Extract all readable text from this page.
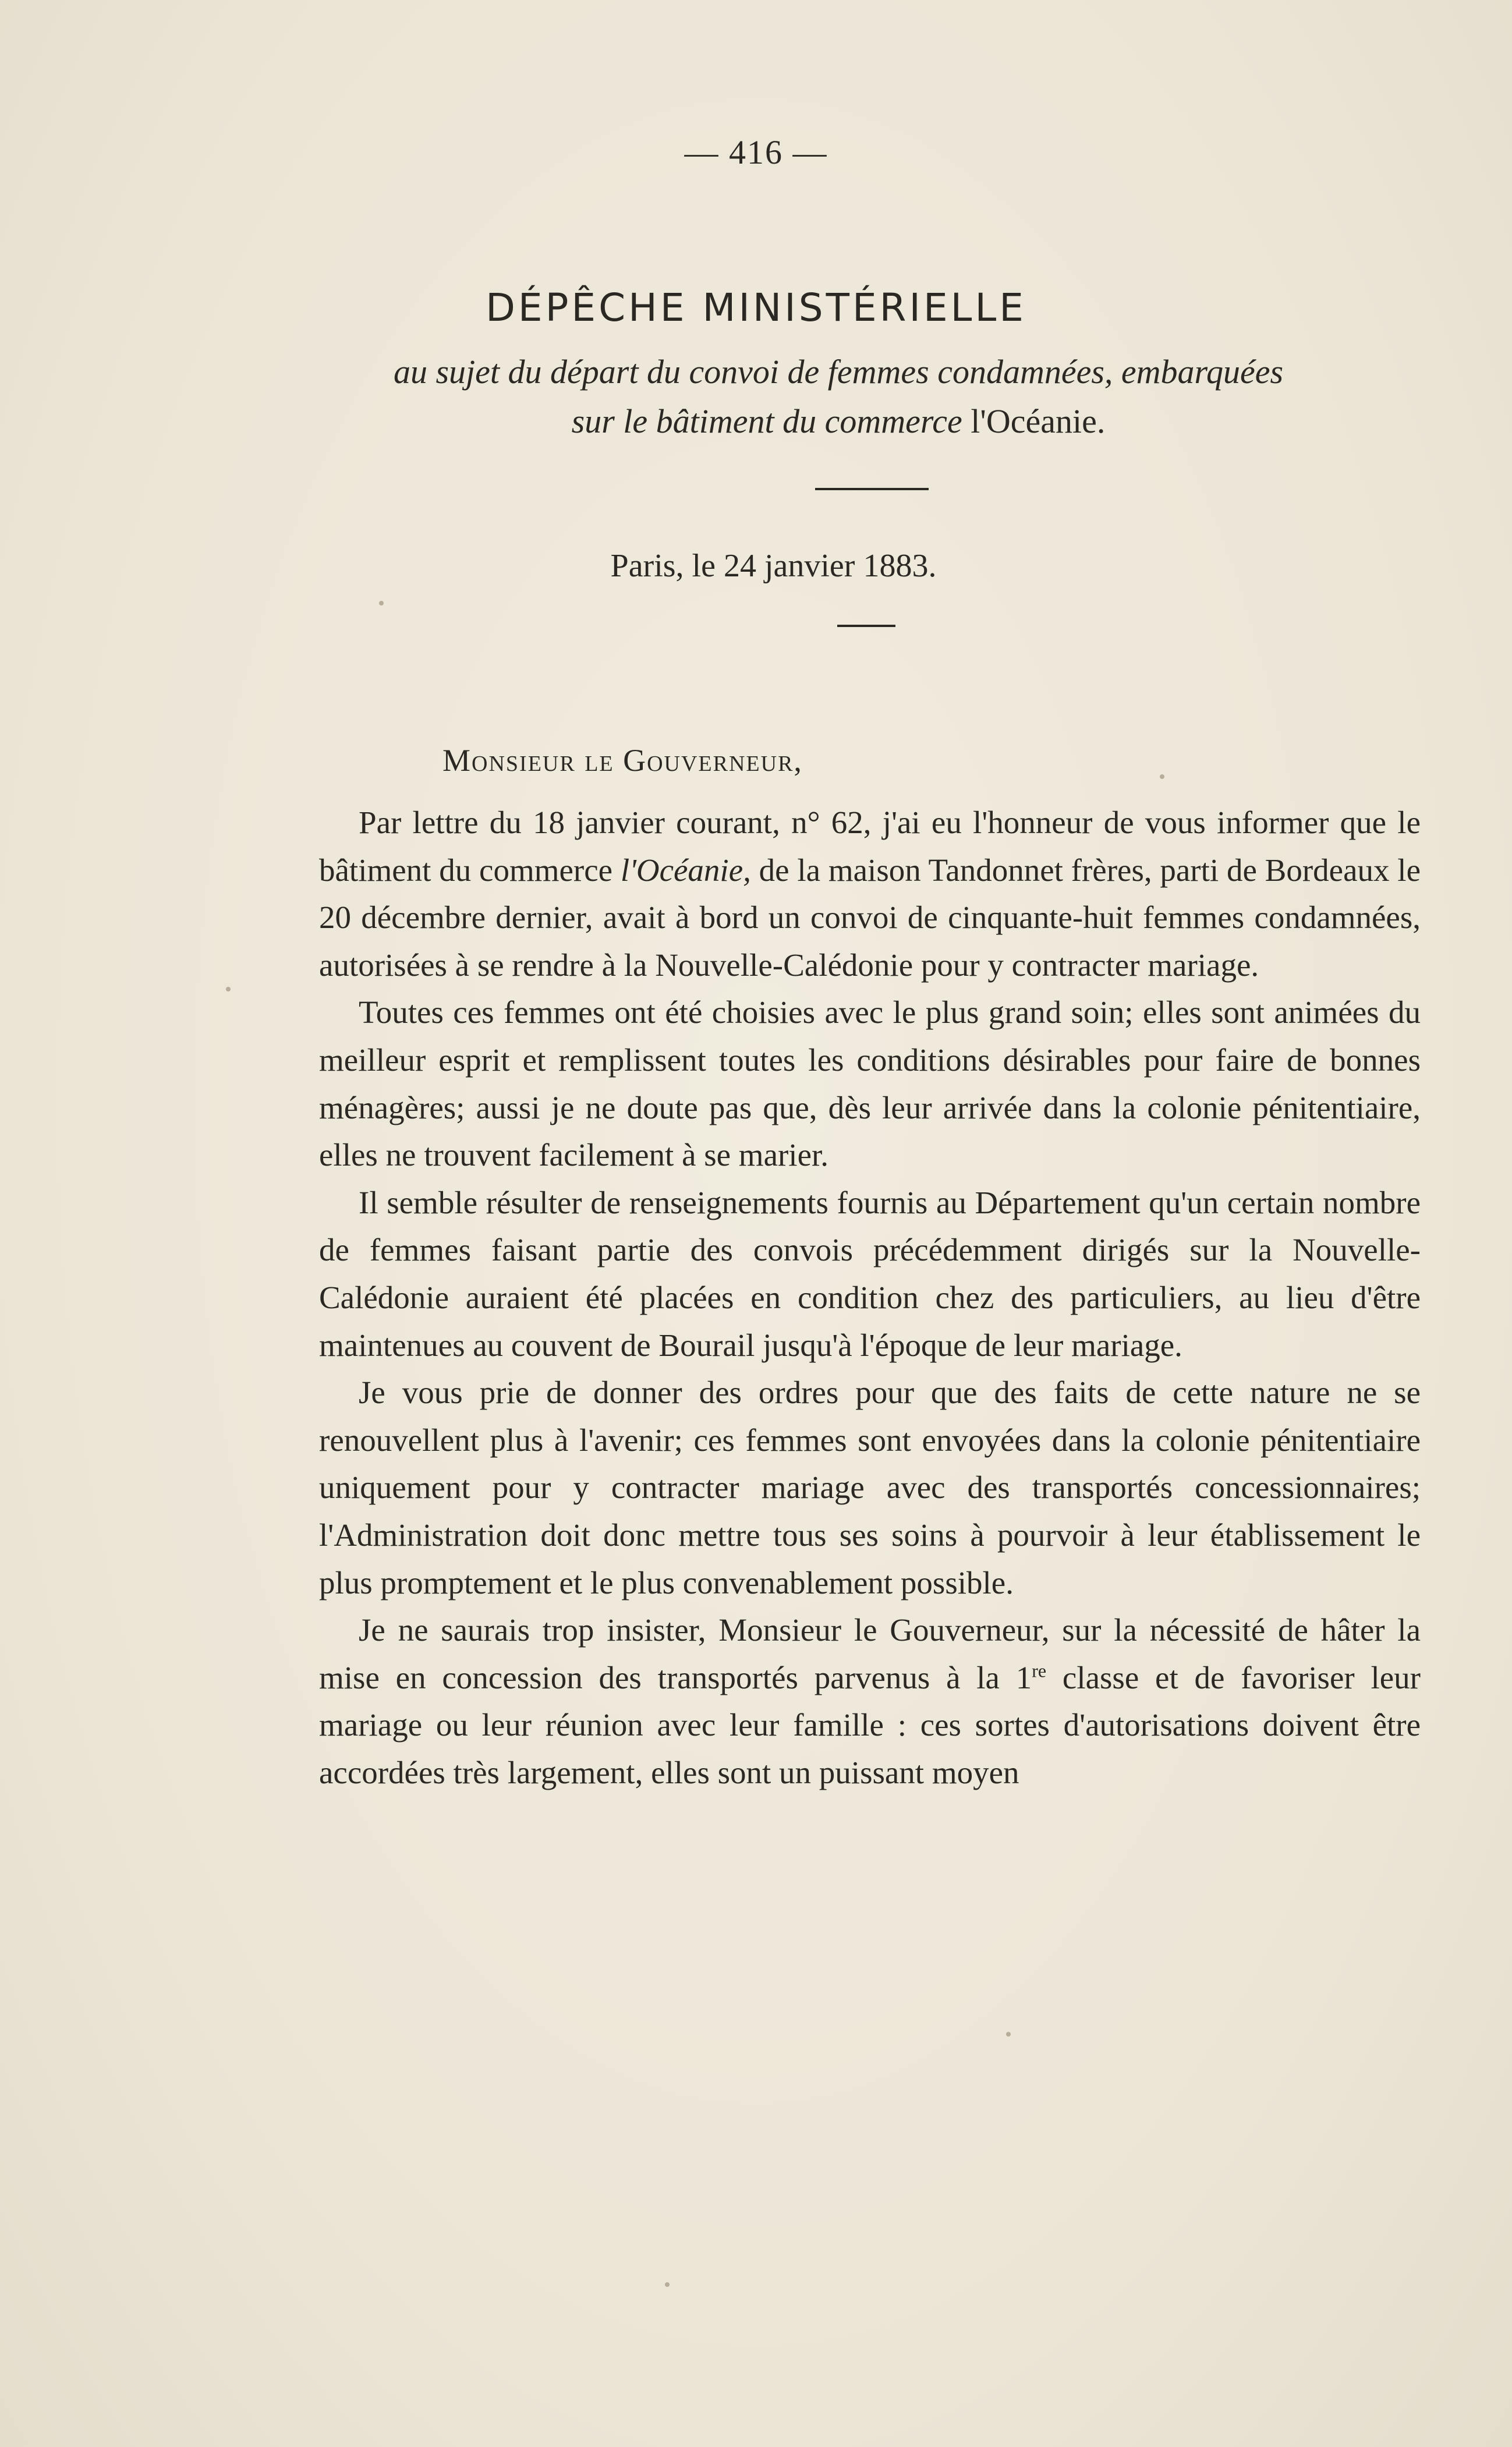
— 416 —
DÉPÊCHE MINISTÉRIELLE
au sujet du départ du convoi de femmes condamnées, embarquées
sur le bâtiment du commerce l'Océanie.
Paris, le 24 janvier 1883.
Monsieur le Gouverneur,

Par lettre du 18 janvier courant, n° 62, j'ai eu l'honneur de vous informer que le bâtiment du commerce l'Océanie, de la maison Tandonnet frères, parti de Bordeaux le 20 décembre dernier, avait à bord un convoi de cinquante-huit femmes condamnées, autorisées à se rendre à la Nouvelle-Calédonie pour y contracter mariage.

Toutes ces femmes ont été choisies avec le plus grand soin; elles sont animées du meilleur esprit et remplissent toutes les conditions désirables pour faire de bonnes ménagères; aussi je ne doute pas que, dès leur arrivée dans la colonie pénitentiaire, elles ne trouvent facilement à se marier.

Il semble résulter de renseignements fournis au Département qu'un certain nombre de femmes faisant partie des convois précédemment dirigés sur la Nouvelle-Calédonie auraient été placées en condition chez des particuliers, au lieu d'être maintenues au couvent de Bourail jusqu'à l'époque de leur mariage.

Je vous prie de donner des ordres pour que des faits de cette nature ne se renouvellent plus à l'avenir; ces femmes sont envoyées dans la colonie pénitentiaire uniquement pour y contracter mariage avec des transportés concessionnaires; l'Administration doit donc mettre tous ses soins à pourvoir à leur établissement le plus promptement et le plus convenablement possible.

Je ne saurais trop insister, Monsieur le Gouverneur, sur la nécessité de hâter la mise en concession des transportés parvenus à la 1re classe et de favoriser leur mariage ou leur réunion avec leur famille : ces sortes d'autorisations doivent être accordées très largement, elles sont un puissant moyen
